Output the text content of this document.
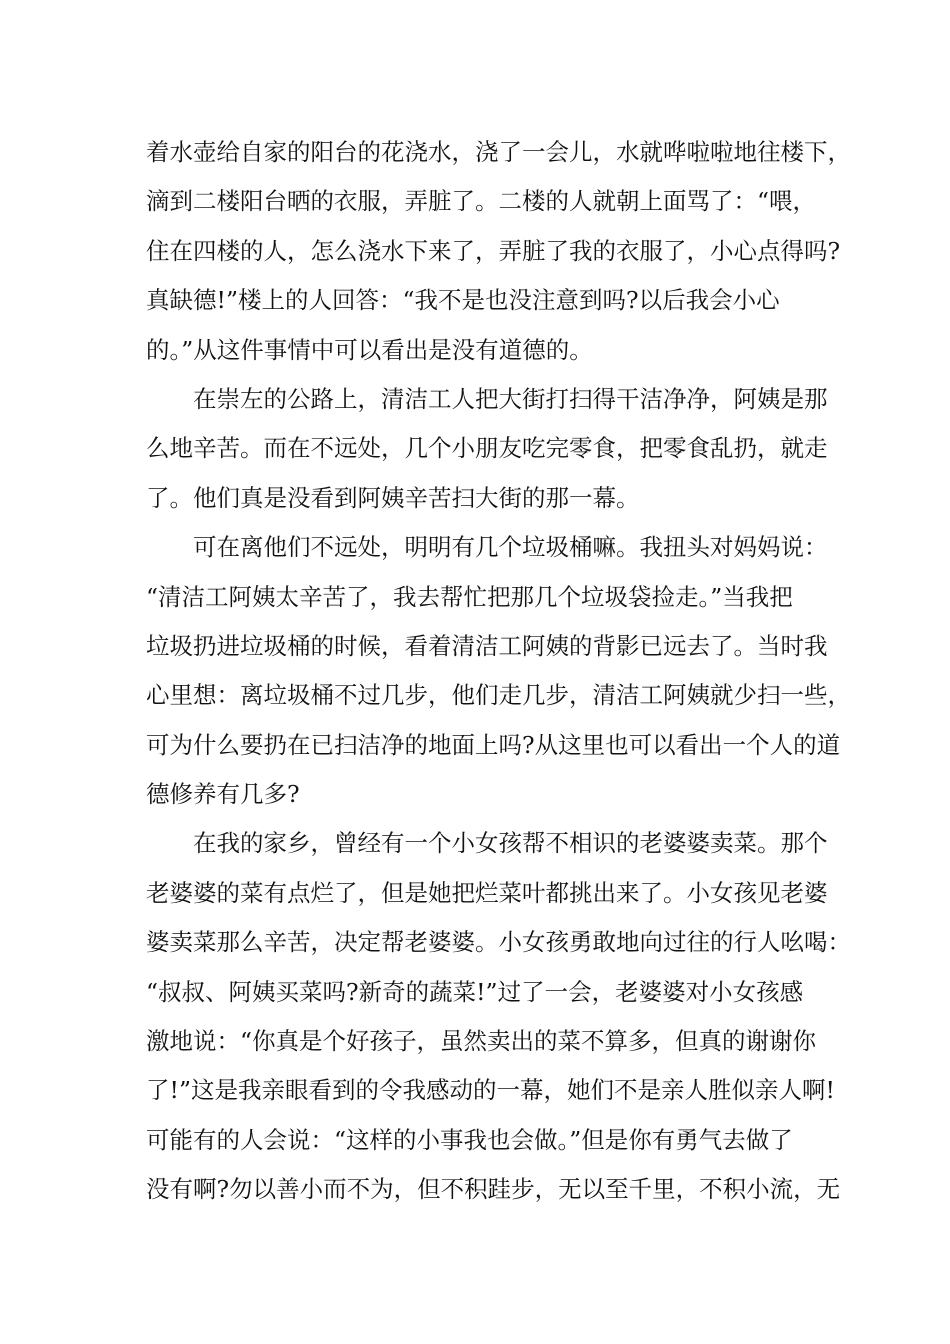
着水壶给自家的阳台的花浇水，浇了一会儿，水就哗啦啦地往楼下，
滴到二楼阳台晒的衣服，弄脏了。二楼的人就朝上面骂了：“喂，
住在四楼的人，怎么浇水下来了，弄脏了我的衣服了，小心点得吗?
真缺德!”楼上的人回答：“我不是也没注意到吗?以后我会小心
的。”从这件事情中可以看出是没有道德的。
　　在崇左的公路上，清洁工人把大街打扫得干洁净净，阿姨是那
么地辛苦。而在不远处，几个小朋友吃完零食，把零食乱扔，就走
了。他们真是没看到阿姨辛苦扫大街的那一幕。
　　可在离他们不远处，明明有几个垃圾桶嘛。我扭头对妈妈说：
“清洁工阿姨太辛苦了，我去帮忙把那几个垃圾袋捡走。”当我把
垃圾扔进垃圾桶的时候，看着清洁工阿姨的背影已远去了。当时我
心里想：离垃圾桶不过几步，他们走几步，清洁工阿姨就少扫一些，
可为什么要扔在已扫洁净的地面上吗?从这里也可以看出一个人的道
德修养有几多?
　　在我的家乡，曾经有一个小女孩帮不相识的老婆婆卖菜。那个
老婆婆的菜有点烂了，但是她把烂菜叶都挑出来了。小女孩见老婆
婆卖菜那么辛苦，决定帮老婆婆。小女孩勇敢地向过往的行人吆喝：
“叔叔、阿姨买菜吗?新奇的蔬菜!”过了一会，老婆婆对小女孩感
激地说：“你真是个好孩子，虽然卖出的菜不算多，但真的谢谢你
了!”这是我亲眼看到的令我感动的一幕，她们不是亲人胜似亲人啊!
可能有的人会说：“这样的小事我也会做。”但是你有勇气去做了
没有啊?勿以善小而不为，但不积跬步，无以至千里，不积小流，无
